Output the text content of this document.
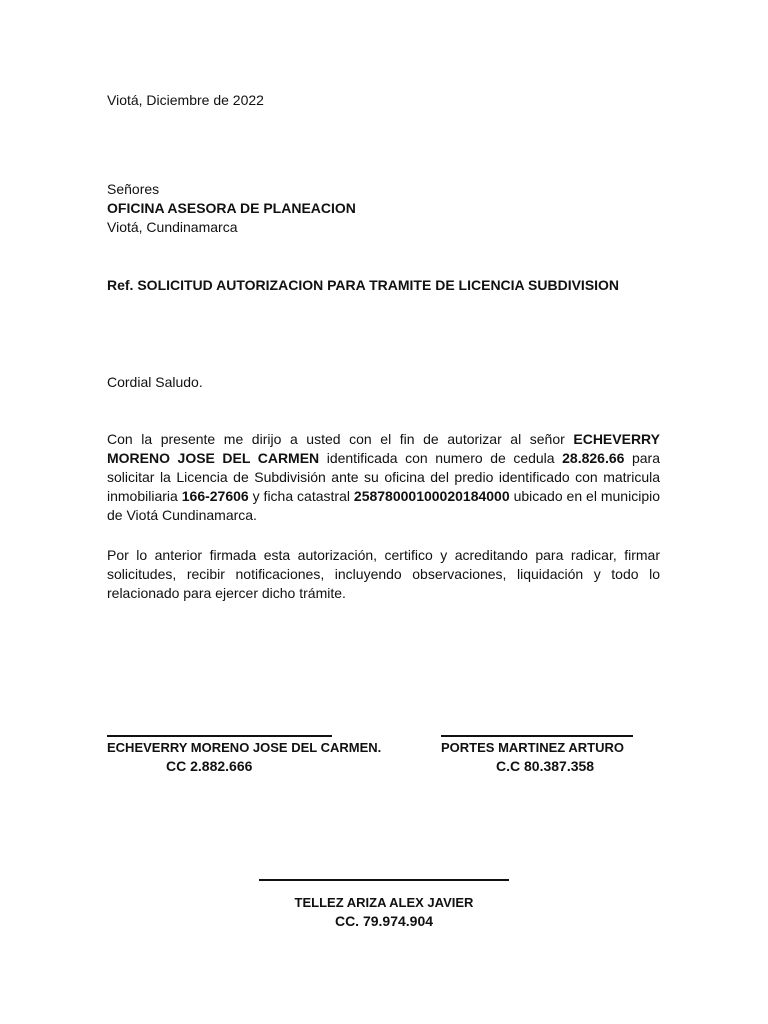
Viotá, Diciembre de 2022
Señores
OFICINA ASESORA DE PLANEACION
Viotá, Cundinamarca
Ref. SOLICITUD AUTORIZACION PARA TRAMITE DE LICENCIA SUBDIVISION
Cordial Saludo.
Con la presente me dirijo a usted con el fin de autorizar al señor ECHEVERRY MORENO JOSE DEL CARMEN identificada con numero de cedula 28.826.66 para solicitar la Licencia de Subdivisión ante su oficina del predio identificado con matricula inmobiliaria 166-27606 y ficha catastral 25878000100020184000 ubicado en el municipio de Viotá Cundinamarca.
Por lo anterior firmada esta autorización, certifico y acreditando para radicar, firmar solicitudes, recibir notificaciones, incluyendo observaciones, liquidación y todo lo relacionado para ejercer dicho trámite.
ECHEVERRY MORENO JOSE DEL CARMEN.
CC 2.882.666
PORTES MARTINEZ ARTURO
C.C 80.387.358
TELLEZ ARIZA ALEX JAVIER
CC. 79.974.904
